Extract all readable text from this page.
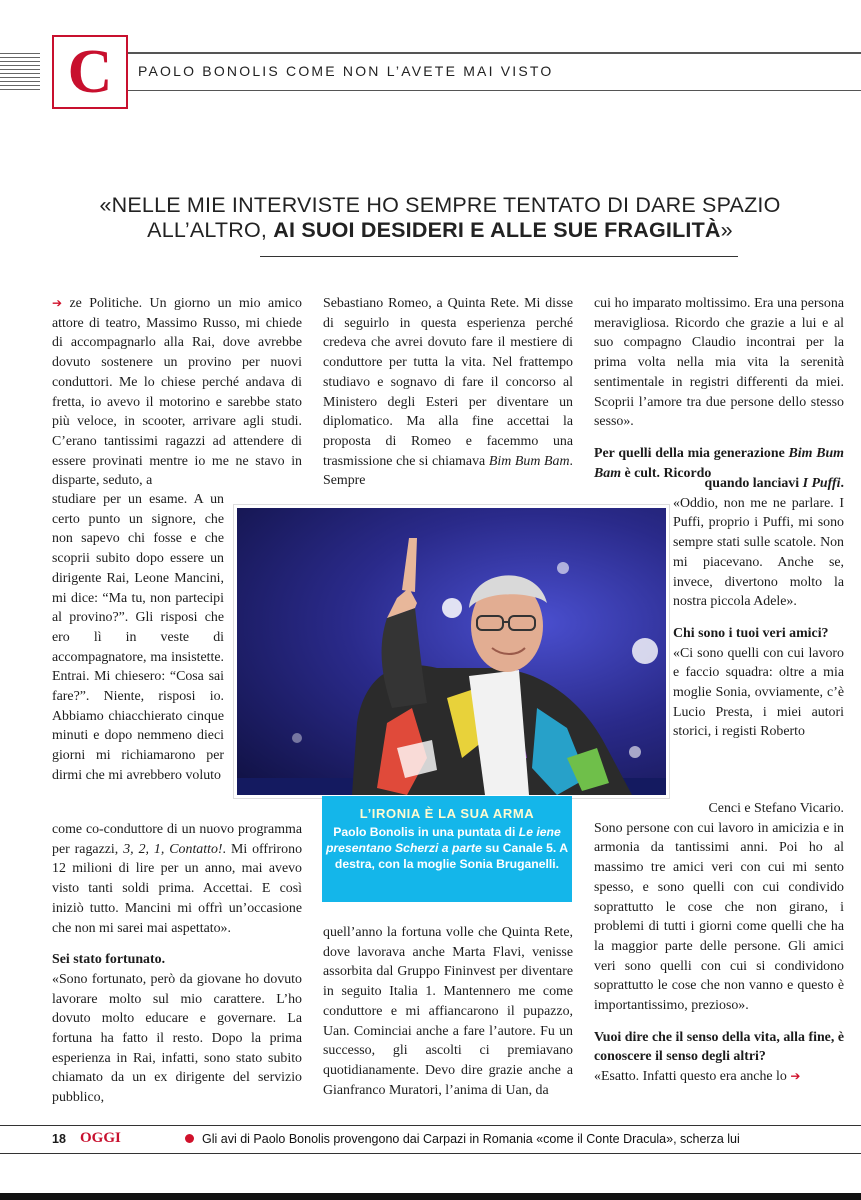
C PAOLO BONOLIS COME NON L’AVETE MAI VISTO
«NELLE MIE INTERVISTE HO SEMPRE TENTATO DI DARE SPAZIO ALL’ALTRO, AI SUOI DESIDERI E ALLE SUE FRAGILITÀ»

➔ ze Politiche. Un giorno un mio amico attore di teatro, Massimo Russo, mi chiede di accompagnarlo alla Rai, dove avrebbe dovuto sostenere un provino per nuovi conduttori. Me lo chiese perché andava di fretta, io avevo il motorino e sarebbe stato più veloce, in scooter, arrivare agli studi. C’erano tantissimi ragazzi ad attendere di essere provinati mentre io me ne stavo in disparte, seduto, a

studiare per un esame. A un certo punto un signore, che non sapevo chi fosse e che scoprii subito dopo essere un dirigente Rai, Leone Mancini, mi dice: “Ma tu, non partecipi al provino?”. Gli risposi che ero lì in veste di accompagnatore, ma insistette. Entrai. Mi chiesero: “Cosa sai fare?”. Niente, risposi io. Abbiamo chiacchierato cinque minuti e dopo nemmeno dieci giorni mi richiamarono per dirmi che mi avrebbero voluto

come co-conduttore di un nuovo programma per ragazzi, 3, 2, 1, Contatto!. Mi offrirono 12 milioni di lire per un anno, mai avevo visto tanti soldi prima. Accettai. E così iniziò tutto. Mancini mi offrì un’occasione che non mi sarei mai aspettato».

Sei stato fortunato.

«Sono fortunato, però da giovane ho dovuto lavorare molto sul mio carattere. L’ho dovuto molto educare e governare. La fortuna ha fatto il resto. Dopo la prima esperienza in Rai, infatti, sono stato subito chiamato da un ex dirigente del servizio pubblico,

Sebastiano Romeo, a Quinta Rete. Mi disse di seguirlo in questa esperienza perché credeva che avrei dovuto fare il mestiere di conduttore per tutta la vita. Nel frattempo studiavo e sognavo di fare il concorso al Ministero degli Esteri per diventare un diplomatico. Ma alla fine accettai la proposta di Romeo e facemmo una trasmissione che si chiamava Bim Bum Bam. Sempre

quell’anno la fortuna volle che Quinta Rete, dove lavorava anche Marta Flavi, venisse assorbita dal Gruppo Fininvest per diventare in seguito Italia 1. Mantennero me come conduttore e mi affiancarono il pupazzo, Uan. Cominciai anche a fare l’autore. Fu un successo, gli ascolti ci premiavano quotidianamente. Devo dire grazie anche a Gianfranco Muratori, l’anima di Uan, da

cui ho imparato moltissimo. Era una persona meravigliosa. Ricordo che grazie a lui e al suo compagno Claudio incontrai per la prima volta nella mia vita la serenità sentimentale in registri differenti da miei. Scoprii l’amore tra due persone dello stesso sesso».

Per quelli della mia generazione Bim Bum Bam è cult. Ricordo

quando lanciavi I Puffi.

«Oddio, non me ne parlare. I Puffi, proprio i Puffi, mi sono sempre stati sulle scatole. Non mi piacevano. Anche se, invece, divertono molto la nostra piccola Adele».

Chi sono i tuoi veri amici?

«Ci sono quelli con cui lavoro e faccio squadra: oltre a mia moglie Sonia, ovviamente, c’è Lucio Presta, i miei autori storici, i registi Roberto

Cenci e Stefano Vicario.

Sono persone con cui lavoro in amicizia e in armonia da tantissimi anni. Poi ho al massimo tre amici veri con cui mi sento spesso, e sono quelli con cui condivido soprattutto le cose che non girano, i problemi di tutti i giorni come quelli che ha la maggior parte delle persone. Gli amici veri sono quelli con cui si condividono soprattutto le cose che non vanno e questo è importantissimo, prezioso».

Vuoi dire che il senso della vita, alla fine, è conoscere il senso degli altri?

«Esatto. Infatti questo era anche lo ➔

L’IRONIA È LA SUA ARMA
Paolo Bonolis in una puntata di Le iene presentano Scherzi a parte su Canale 5. A destra, con la moglie Sonia Bruganelli.
18 OGGI	Gli avi di Paolo Bonolis provengono dai Carpazi in Romania «come il Conte Dracula», scherza lui
